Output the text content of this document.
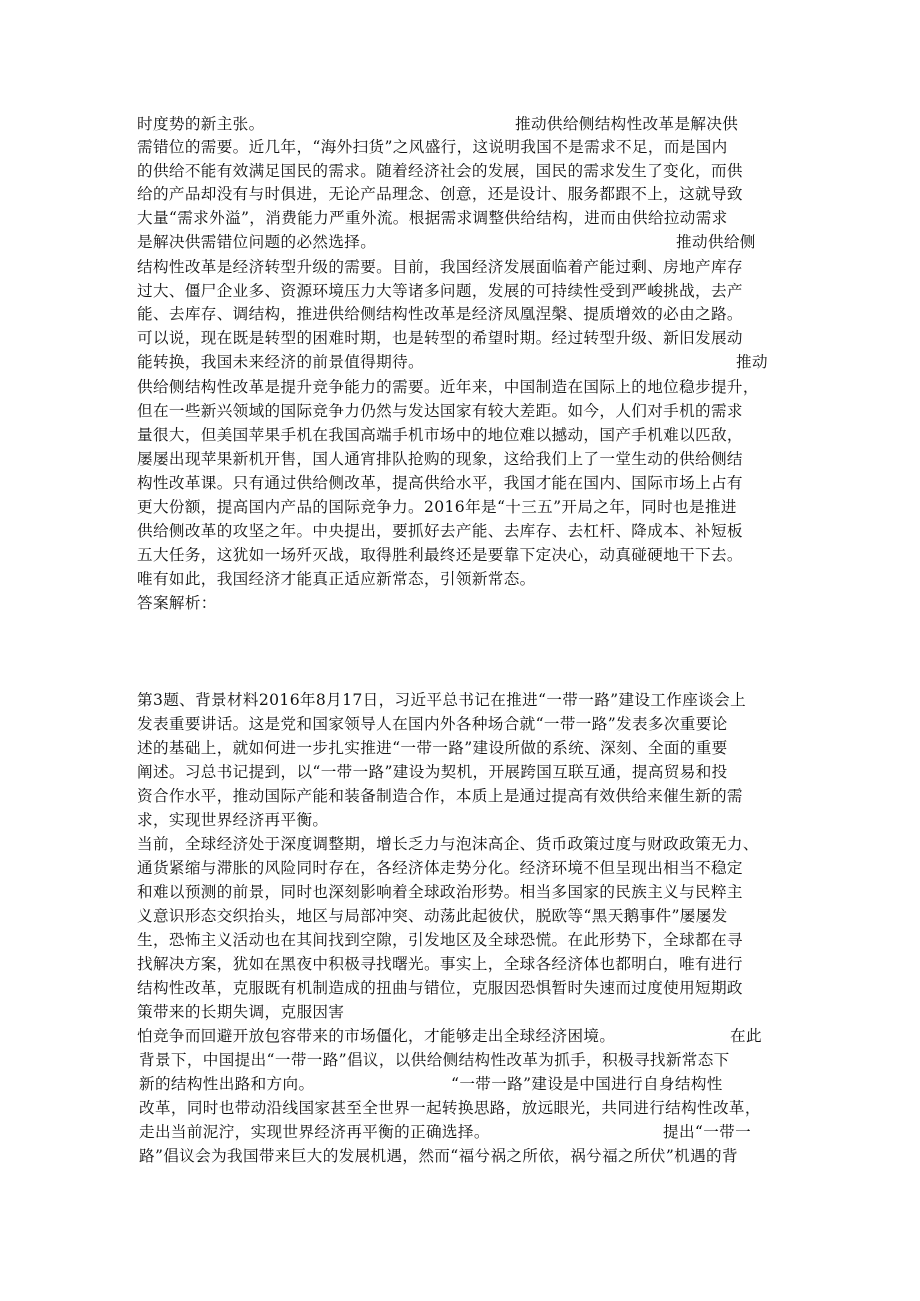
时度势的新主张。	推动供给侧结构性改革是解决供
需错位的需要。近几年，“海外扫货”之风盛行，这说明我国不是需求不足，而是国内
的供给不能有效满足国民的需求。随着经济社会的发展，国民的需求发生了变化，而供
给的产品却没有与时俱进，无论产品理念、创意，还是设计、服务都跟不上，这就导致
大量“需求外溢”，消费能力严重外流。根据需求调整供给结构，进而由供给拉动需求
是解决供需错位问题的必然选择。	推动供给侧
结构性改革是经济转型升级的需要。目前，我国经济发展面临着产能过剩、房地产库存
过大、僵尸企业多、资源环境压力大等诸多问题，发展的可持续性受到严峻挑战，去产
能、去库存、调结构，推进供给侧结构性改革是经济凤凰涅槃、提质增效的必由之路。
可以说，现在既是转型的困难时期，也是转型的希望时期。经过转型升级、新旧发展动
能转换，我国未来经济的前景值得期待。	推动
供给侧结构性改革是提升竞争能力的需要。近年来，中国制造在国际上的地位稳步提升，
但在一些新兴领域的国际竞争力仍然与发达国家有较大差距。如今，人们对手机的需求
量很大，但美国苹果手机在我国高端手机市场中的地位难以撼动，国产手机难以匹敌，
屡屡出现苹果新机开售，国人通宵排队抢购的现象，这给我们上了一堂生动的供给侧结
构性改革课。只有通过供给侧改革，提高供给水平，我国才能在国内、国际市场上占有
更大份额，提高国内产品的国际竞争力。2016年是“十三五”开局之年，同时也是推进
供给侧改革的攻坚之年。中央提出，要抓好去产能、去库存、去杠杆、降成本、补短板
五大任务，这犹如一场歼灭战，取得胜利最终还是要靠下定决心，动真碰硬地干下去。
唯有如此，我国经济才能真正适应新常态，引领新常态。
答案解析：
第3题、背景材料2016年8月17日，习近平总书记在推进“一带一路”建设工作座谈会上
发表重要讲话。这是党和国家领导人在国内外各种场合就“一带一路”发表多次重要论
述的基础上，就如何进一步扎实推进“一带一路”建设所做的系统、深刻、全面的重要
阐述。习总书记提到，以“一带一路”建设为契机，开展跨国互联互通，提高贸易和投
资合作水平，推动国际产能和装备制造合作，本质上是通过提高有效供给来催生新的需
求，实现世界经济再平衡。
当前，全球经济处于深度调整期，增长乏力与泡沫高企、货币政策过度与财政政策无力、
通货紧缩与滞胀的风险同时存在，各经济体走势分化。经济环境不但呈现出相当不稳定
和难以预测的前景，同时也深刻影响着全球政治形势。相当多国家的民族主义与民粹主
义意识形态交织抬头，地区与局部冲突、动荡此起彼伏，脱欧等“黑天鹅事件”屡屡发
生，恐怖主义活动也在其间找到空隙，引发地区及全球恐慌。在此形势下，全球都在寻
找解决方案，犹如在黑夜中积极寻找曙光。事实上，全球各经济体也都明白，唯有进行
结构性改革，克服既有机制造成的扭曲与错位，克服因恐惧暂时失速而过度使用短期政
策带来的长期失调，克服因害
怕竞争而回避开放包容带来的市场僵化，才能够走出全球经济困境。	在此
背景下，中国提出“一带一路”倡议，以供给侧结构性改革为抓手，积极寻找新常态下
新的结构性出路和方向。	“一带一路”建设是中国进行自身结构性
改革，同时也带动沿线国家甚至全世界一起转换思路，放远眼光，共同进行结构性改革，
走出当前泥泞，实现世界经济再平衡的正确选择。	提出“一带一
路”倡议会为我国带来巨大的发展机遇，然而“福兮祸之所依，祸兮福之所伏”机遇的背
